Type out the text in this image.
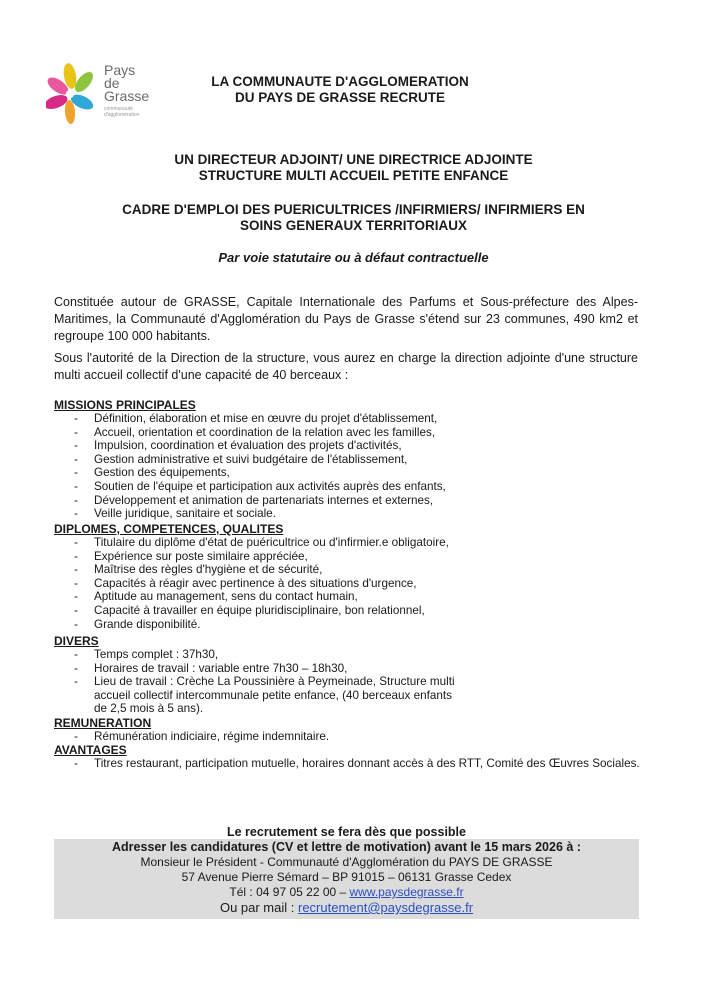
Pays
de
Grasse
communauté d'agglomération
LA COMMUNAUTE D'AGGLOMERATION
DU PAYS DE GRASSE RECRUTE
UN DIRECTEUR ADJOINT/ UNE DIRECTRICE ADJOINTE
STRUCTURE MULTI ACCUEIL PETITE ENFANCE
CADRE D'EMPLOI DES PUERICULTRICES /INFIRMIERS/ INFIRMIERS EN
SOINS GENERAUX TERRITORIAUX
Par voie statutaire ou à défaut contractuelle
Constituée autour de GRASSE, Capitale Internationale des Parfums et Sous-préfecture des Alpes-Maritimes, la Communauté d'Agglomération du Pays de Grasse s'étend sur 23 communes, 490 km2 et regroupe 100 000 habitants.
Sous l'autorité de la Direction de la structure, vous aurez en charge la direction adjointe d'une structure multi accueil collectif d'une capacité de 40 berceaux :
MISSIONS PRINCIPALES
- Définition, élaboration et mise en œuvre du projet d'établissement,
- Accueil, orientation et coordination de la relation avec les familles,
- Impulsion, coordination et évaluation des projets d'activités,
- Gestion administrative et suivi budgétaire de l'établissement,
- Gestion des équipements,
- Soutien de l'équipe et participation aux activités auprès des enfants,
- Développement et animation de partenariats internes et externes,
- Veille juridique, sanitaire et sociale.
DIPLOMES, COMPETENCES, QUALITES
- Titulaire du diplôme d'état de puéricultrice ou d'infirmier.e obligatoire,
- Expérience sur poste similaire appréciée,
- Maîtrise des règles d'hygiène et de sécurité,
- Capacités à réagir avec pertinence à des situations d'urgence,
- Aptitude au management, sens du contact humain,
- Capacité à travailler en équipe pluridisciplinaire, bon relationnel,
- Grande disponibilité.
DIVERS
- Temps complet : 37h30,
- Horaires de travail : variable entre 7h30 – 18h30,
- Lieu de travail : Crèche La Poussinière à Peymeinade, Structure multi accueil collectif intercommunale petite enfance, (40 berceaux enfants de 2,5 mois à 5 ans).
REMUNERATION
- Rémunération indiciaire, régime indemnitaire.
AVANTAGES
- Titres restaurant, participation mutuelle, horaires donnant accès à des RTT, Comité des Œuvres Sociales.
Le recrutement se fera dès que possible
Adresser les candidatures (CV et lettre de motivation) avant le 15 mars 2026 à :
Monsieur le Président - Communauté d'Agglomération du PAYS DE GRASSE
57 Avenue Pierre Sémard – BP 91015 – 06131 Grasse Cedex
Tél : 04 97 05 22 00 – www.paysdegrasse.fr
Ou par mail : recrutement@paysdegrasse.fr
